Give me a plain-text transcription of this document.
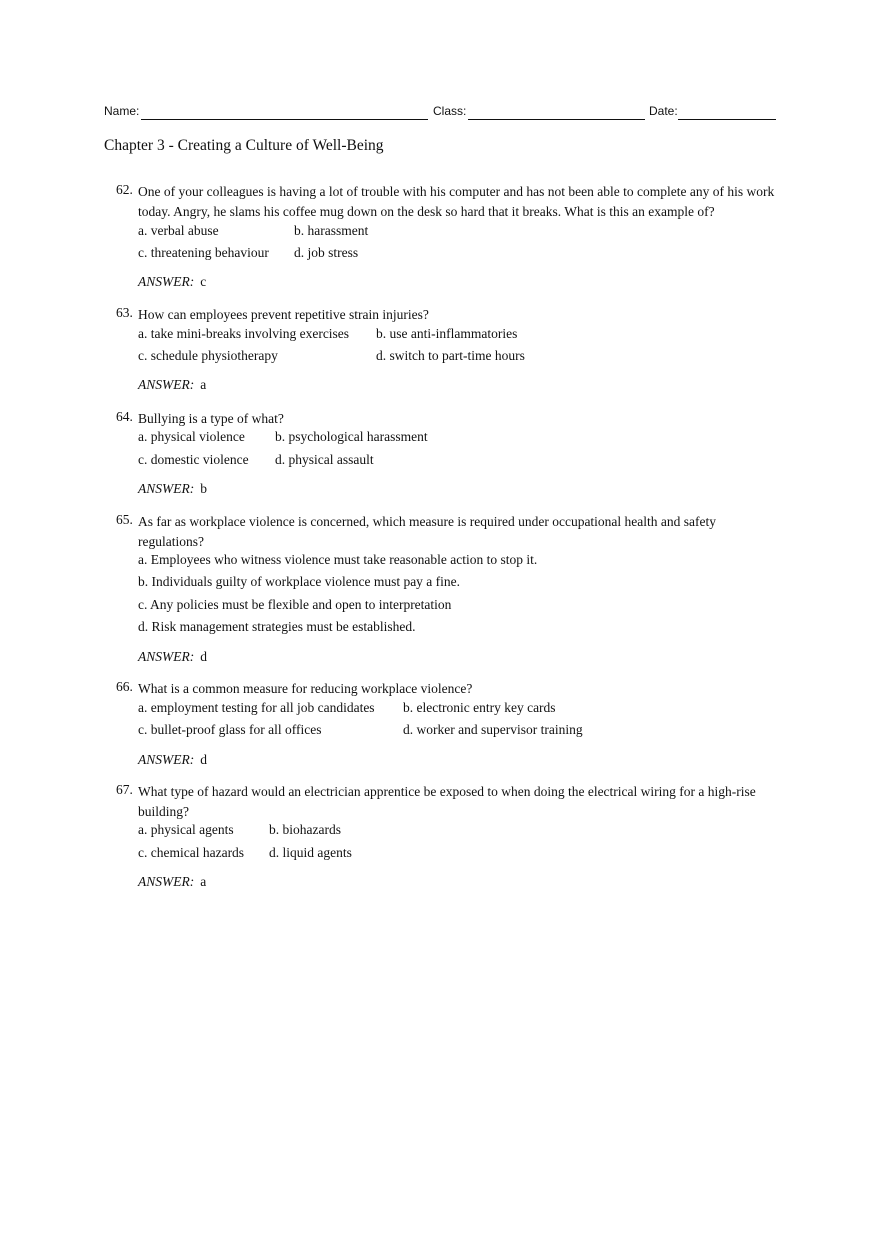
Name:	Class:	Date:
Chapter 3 - Creating a Culture of Well-Being
62. One of your colleagues is having a lot of trouble with his computer and has not been able to complete any of his work today. Angry, he slams his coffee mug down on the desk so hard that it breaks. What is this an example of?
a. verbal abuse	b. harassment
c. threatening behaviour d. job stress
ANSWER: c
63. How can employees prevent repetitive strain injuries?
a. take mini-breaks involving exercises b. use anti-inflammatories
c. schedule physiotherapy	d. switch to part-time hours
ANSWER: a
64. Bullying is a type of what?
a. physical violence b. psychological harassment
c. domestic violence d. physical assault
ANSWER: b
65. As far as workplace violence is concerned, which measure is required under occupational health and safety regulations?
a. Employees who witness violence must take reasonable action to stop it.
b. Individuals guilty of workplace violence must pay a fine.
c. Any policies must be flexible and open to interpretation
d. Risk management strategies must be established.
ANSWER: d
66. What is a common measure for reducing workplace violence?
a. employment testing for all job candidates b. electronic entry key cards
c. bullet-proof glass for all offices	d. worker and supervisor training
ANSWER: d
67. What type of hazard would an electrician apprentice be exposed to when doing the electrical wiring for a high-rise building?
a. physical agents	b. biohazards
c. chemical hazards d. liquid agents
ANSWER: a
